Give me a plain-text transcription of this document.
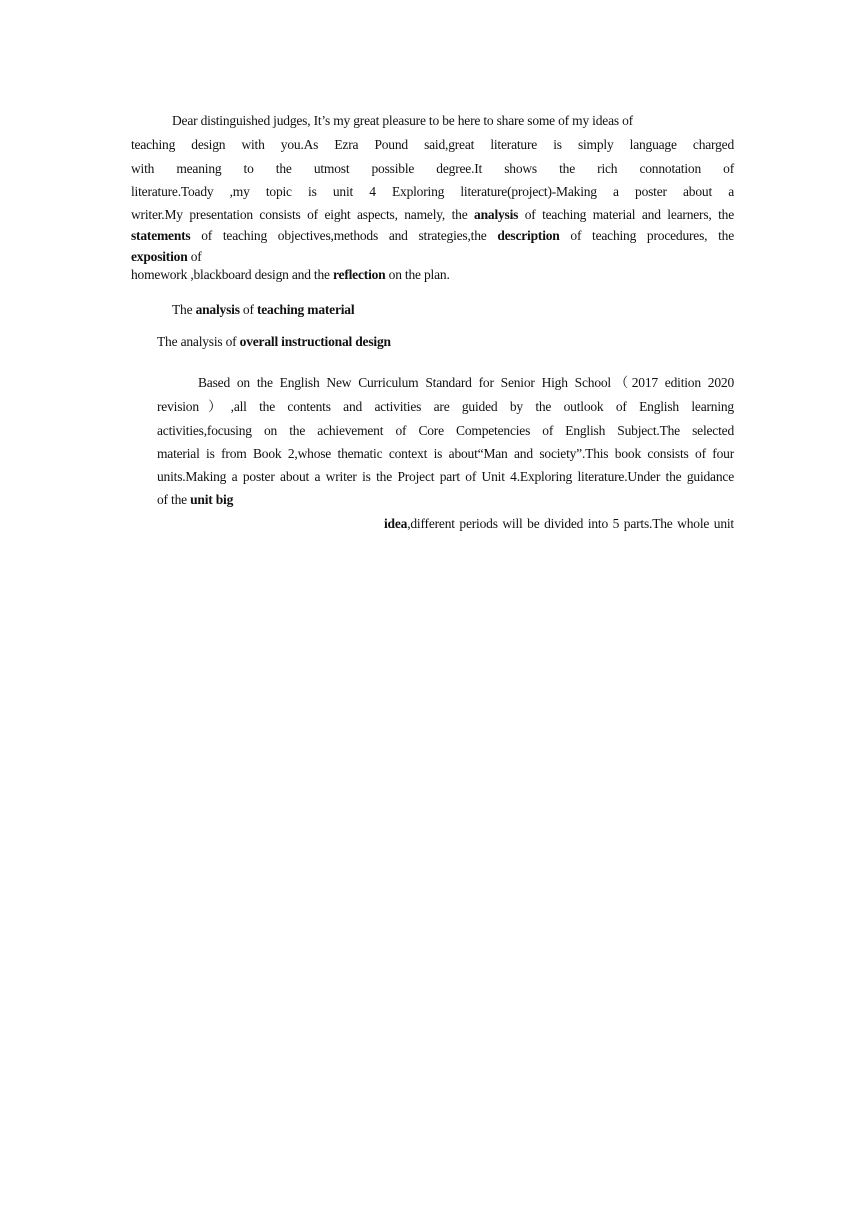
Dear distinguished judges, It’s my great pleasure to be here to share some of my ideas of
teaching design with you.As Ezra Pound said,great literature is simply language charged
with meaning to the utmost possible degree.It shows the rich connotation of
literature.Toady ,my topic is unit 4 Exploring literature(project)-Making a poster about a
writer.My presentation consists of eight aspects, namely, the analysis of teaching material and learners, the
statements of teaching objectives,methods and strategies,the description of teaching procedures, the
exposition of
homework ,blackboard design and the reflection on the plan.
The analysis of teaching material
The analysis of overall instructional design
Based on the English New Curriculum Standard for Senior High School（2017 edition 2020
revision）,all the contents and activities are guided by the outlook of English learning
activities,focusing on the achievement of Core Competencies of English Subject.The selected
material is from Book 2,whose thematic context is about“Man and society”.This book consists of four
units.Making a poster about a writer is the Project part of Unit 4.Exploring literature.Under the guidance
of the unit big
idea,different periods will be divided into 5 parts.The whole unit
